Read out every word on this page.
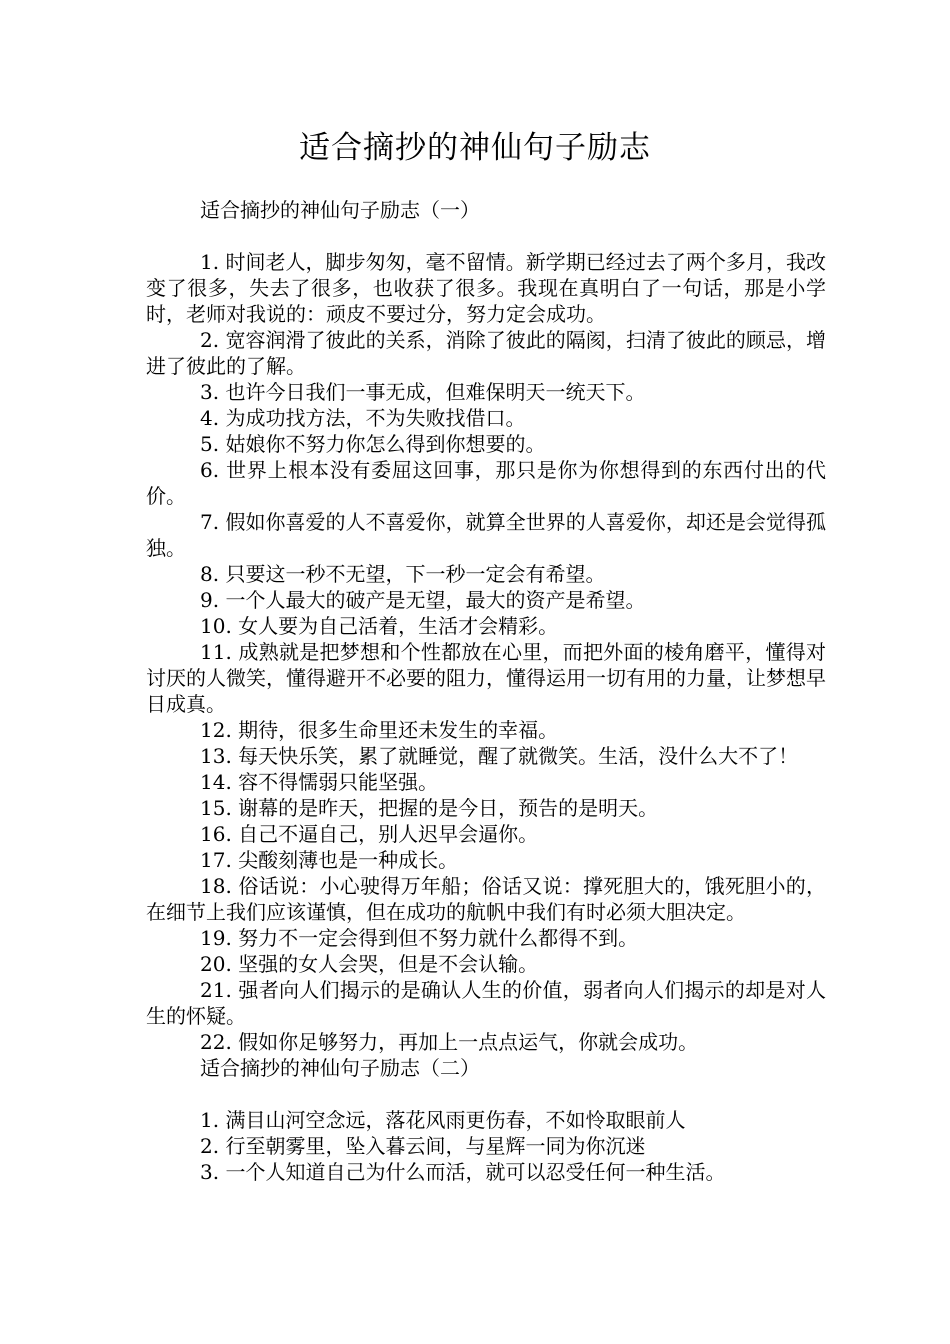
适合摘抄的神仙句子励志

适合摘抄的神仙句子励志（一）

1. 时间老人，脚步匆匆，毫不留情。新学期已经过去了两个多月，我改变了很多，失去了很多，也收获了很多。我现在真明白了一句话，那是小学时，老师对我说的：顽皮不要过分，努力定会成功。

2. 宽容润滑了彼此的关系，消除了彼此的隔阂，扫清了彼此的顾忌，增进了彼此的了解。

3. 也许今日我们一事无成，但难保明天一统天下。

4. 为成功找方法，不为失败找借口。

5. 姑娘你不努力你怎么得到你想要的。

6. 世界上根本没有委屈这回事，那只是你为你想得到的东西付出的代价。

7. 假如你喜爱的人不喜爱你，就算全世界的人喜爱你，却还是会觉得孤独。

8. 只要这一秒不无望，下一秒一定会有希望。

9. 一个人最大的破产是无望，最大的资产是希望。

10. 女人要为自己活着，生活才会精彩。

11. 成熟就是把梦想和个性都放在心里，而把外面的棱角磨平，懂得对讨厌的人微笑，懂得避开不必要的阻力，懂得运用一切有用的力量，让梦想早日成真。

12. 期待，很多生命里还未发生的幸福。

13. 每天快乐笑，累了就睡觉，醒了就微笑。生活，没什么大不了！

14. 容不得懦弱只能坚强。

15. 谢幕的是昨天，把握的是今日，预告的是明天。

16. 自己不逼自己，别人迟早会逼你。

17. 尖酸刻薄也是一种成长。

18. 俗话说：小心驶得万年船；俗话又说：撑死胆大的，饿死胆小的，在细节上我们应该谨慎，但在成功的航帆中我们有时必须大胆决定。

19. 努力不一定会得到但不努力就什么都得不到。

20. 坚强的女人会哭，但是不会认输。

21. 强者向人们揭示的是确认人生的价值，弱者向人们揭示的却是对人生的怀疑。

22. 假如你足够努力，再加上一点点运气，你就会成功。

适合摘抄的神仙句子励志（二）

1. 满目山河空念远，落花风雨更伤春，不如怜取眼前人

2. 行至朝雾里，坠入暮云间，与星辉一同为你沉迷

3. 一个人知道自己为什么而活，就可以忍受任何一种生活。
